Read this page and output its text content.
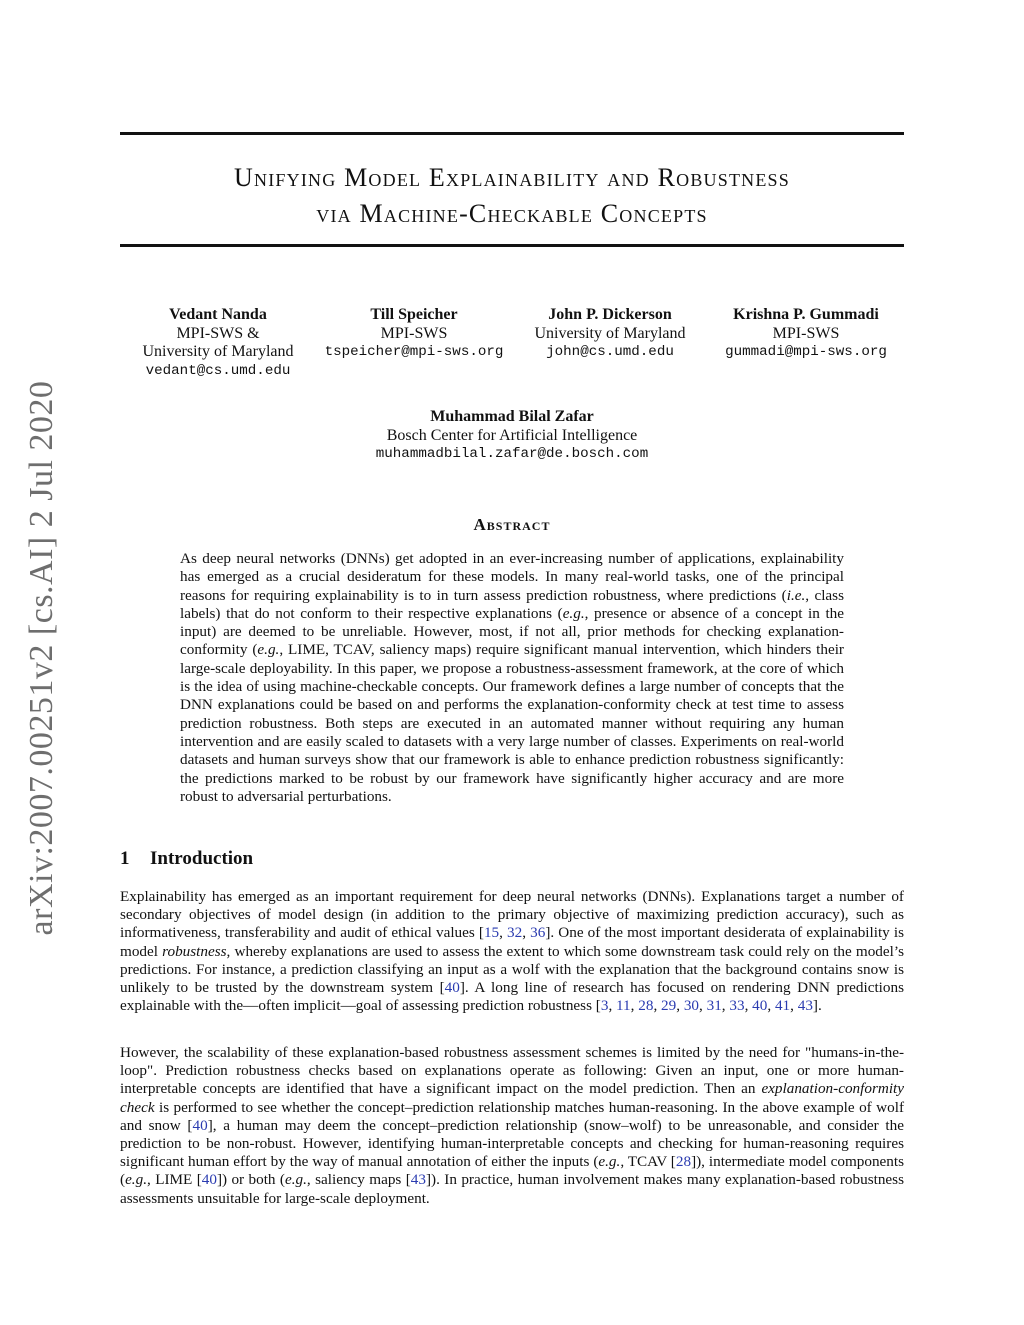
arXiv:2007.00251v2 [cs.AI] 2 Jul 2020
Unifying Model Explainability and Robustness
via Machine-Checkable Concepts
Vedant Nanda
MPI-SWS &
University of Maryland
vedant@cs.umd.edu
Till Speicher
MPI-SWS
tspeicher@mpi-sws.org
John P. Dickerson
University of Maryland
john@cs.umd.edu
Krishna P. Gummadi
MPI-SWS
gummadi@mpi-sws.org
Muhammad Bilal Zafar
Bosch Center for Artificial Intelligence
muhammadbilal.zafar@de.bosch.com
Abstract

As deep neural networks (DNNs) get adopted in an ever-increasing number of applications, explainability has emerged as a crucial desideratum for these models. In many real-world tasks, one of the principal reasons for requiring explainability is to in turn assess prediction robustness, where predictions (i.e., class labels) that do not conform to their respective explanations (e.g., presence or absence of a concept in the input) are deemed to be unreliable. However, most, if not all, prior methods for checking explanation-conformity (e.g., LIME, TCAV, saliency maps) require significant manual intervention, which hinders their large-scale deployability. In this paper, we propose a robustness-assessment framework, at the core of which is the idea of using machine-checkable concepts. Our framework defines a large number of concepts that the DNN explanations could be based on and performs the explanation-conformity check at test time to assess prediction robustness. Both steps are executed in an automated manner without requiring any human intervention and are easily scaled to datasets with a very large number of classes. Experiments on real-world datasets and human surveys show that our framework is able to enhance prediction robustness significantly: the predictions marked to be robust by our framework have significantly higher accuracy and are more robust to adversarial perturbations.

1 Introduction

Explainability has emerged as an important requirement for deep neural networks (DNNs). Explanations target a number of secondary objectives of model design (in addition to the primary objective of maximizing prediction accuracy), such as informativeness, transferability and audit of ethical values [15, 32, 36]. One of the most important desiderata of explainability is model robustness, whereby explanations are used to assess the extent to which some downstream task could rely on the model’s predictions. For instance, a prediction classifying an input as a wolf with the explanation that the background contains snow is unlikely to be trusted by the downstream system [40]. A long line of research has focused on rendering DNN predictions explainable with the—often implicit—goal of assessing prediction robustness [3, 11, 28, 29, 30, 31, 33, 40, 41, 43].

However, the scalability of these explanation-based robustness assessment schemes is limited by the need for "humans-in-the-loop". Prediction robustness checks based on explanations operate as following: Given an input, one or more human-interpretable concepts are identified that have a significant impact on the model prediction. Then an explanation-conformity check is performed to see whether the concept–prediction relationship matches human-reasoning. In the above example of wolf and snow [40], a human may deem the concept–prediction relationship (snow–wolf) to be unreasonable, and consider the prediction to be non-robust. However, identifying human-interpretable concepts and checking for human-reasoning requires significant human effort by the way of manual annotation of either the inputs (e.g., TCAV [28]), intermediate model components (e.g., LIME [40]) or both (e.g., saliency maps [43]). In practice, human involvement makes many explanation-based robustness assessments unsuitable for large-scale deployment.
